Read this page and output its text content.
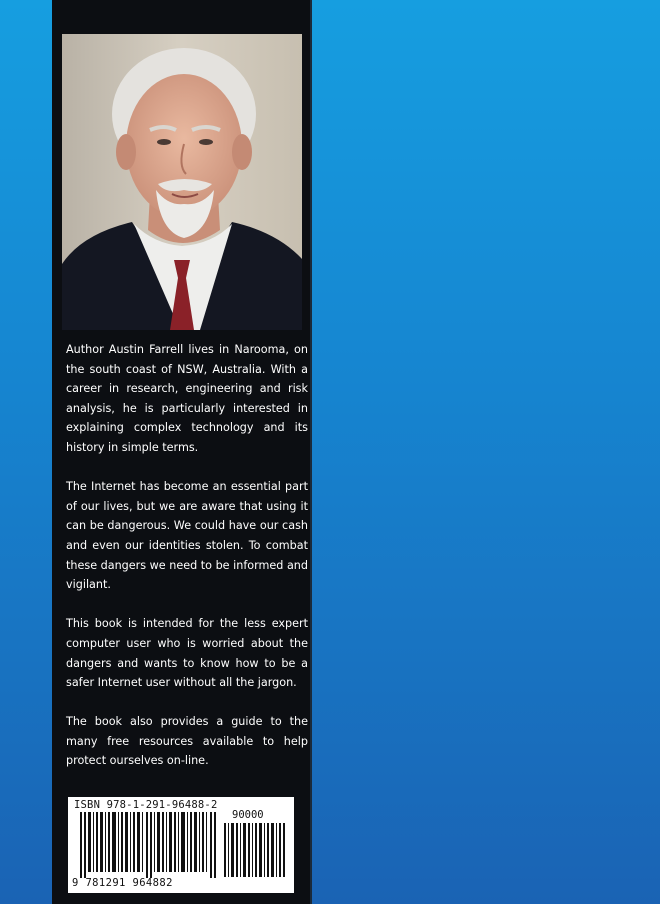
Author Austin Farrell lives in Narooma, on the south coast of NSW, Australia. With a career in research, engineering and risk analysis, he is particularly interested in explaining complex technology and its history in simple terms.

The Internet has become an essential part of our lives, but we are aware that using it can be dangerous. We could have our cash and even our identities stolen. To combat these dangers we need to be informed and vigilant.

This book is intended for the less expert computer user who is worried about the dangers and wants to know how to be a safer Internet user without all the jargon.

The book also provides a guide to the many free resources available to help protect ourselves on-line.

ISBN 978-1-291-96488-2
90000
9 781291 964882
